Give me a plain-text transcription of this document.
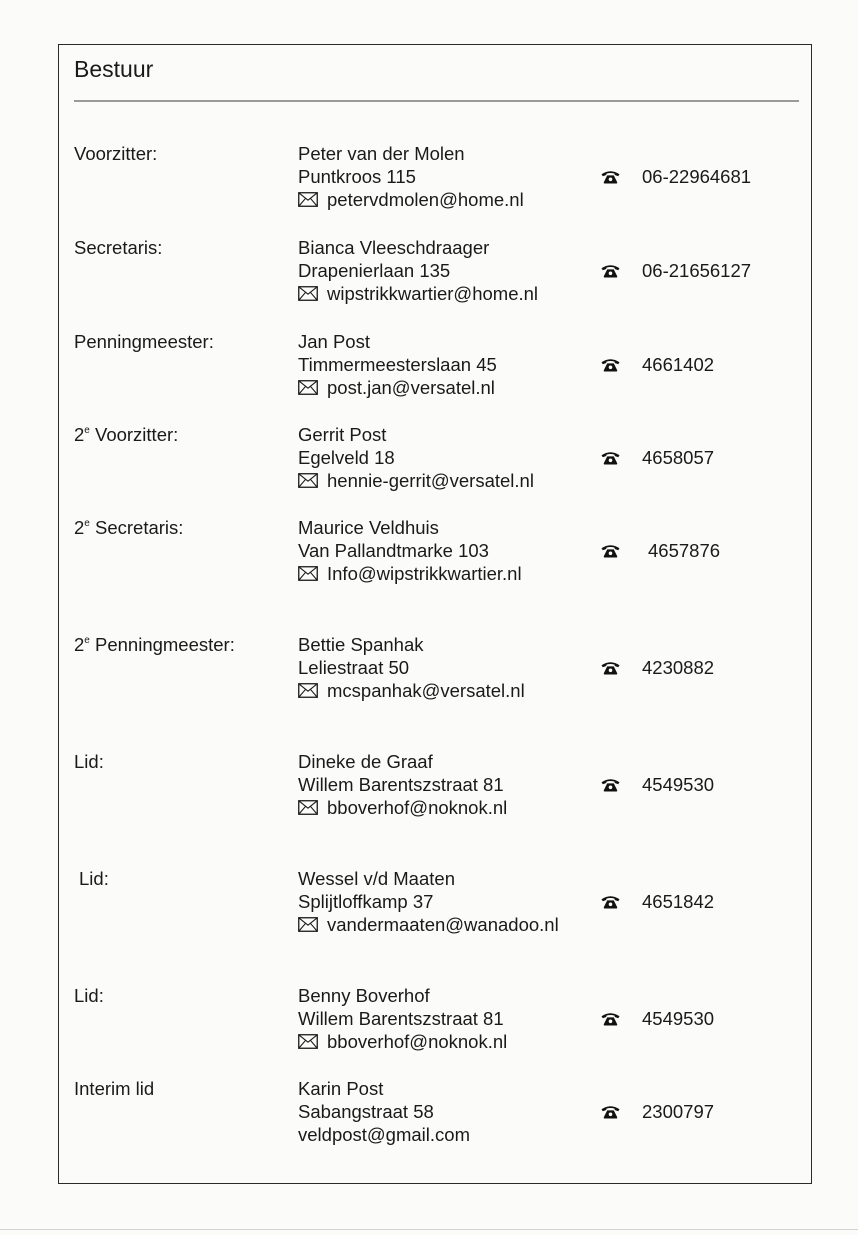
Bestuur
Voorzitter:	Peter van der Molen
Puntkroos 115
petervdmolen@home.nl
06-22964681
Secretaris:	Bianca Vleeschdraager
Drapenierlaan 135
wipstrikkwartier@home.nl
06-21656127
Penningmeester:	Jan Post
Timmermeesterslaan 45
post.jan@versatel.nl
4661402
2e Voorzitter:	Gerrit Post
Egelveld 18
hennie-gerrit@versatel.nl
4658057
2e Secretaris:	Maurice Veldhuis
Van Pallandtmarke 103
Info@wipstrikkwartier.nl
4657876
2e Penningmeester:	Bettie Spanhak
Leliestraat 50
mcspanhak@versatel.nl
4230882
Lid:	Dineke de Graaf
Willem Barentszstraat 81
bboverhof@noknok.nl
4549530
Lid:	Wessel v/d Maaten
Splijtloffkamp 37
vandermaaten@wanadoo.nl
4651842
Lid:	Benny Boverhof
Willem Barentszstraat 81
bboverhof@noknok.nl
4549530
Interim lid	Karin Post
Sabangstraat 58
veldpost@gmail.com
2300797
